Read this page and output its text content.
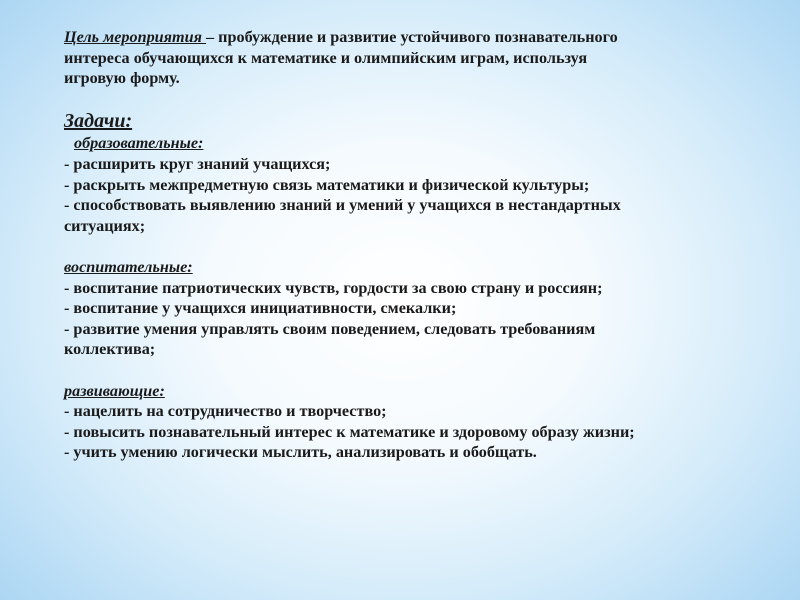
Цель мероприятия – пробуждение и развитие устойчивого познавательного
интереса обучающихся к математике и олимпийским играм, используя
игровую форму.
Задачи:
образовательные:
- расширить круг знаний учащихся;
- раскрыть межпредметную связь математики и физической культуры;
- способствовать выявлению знаний и умений у учащихся в нестандартных
ситуациях;
воспитательные:
- воспитание патриотических чувств, гордости за свою страну и россиян;
- воспитание у учащихся инициативности, смекалки;
- развитие умения управлять своим поведением, следовать требованиям
коллектива;
развивающие:
- нацелить на сотрудничество и творчество;
- повысить познавательный интерес к математике и здоровому образу жизни;
- учить умению логически мыслить, анализировать и обобщать.
